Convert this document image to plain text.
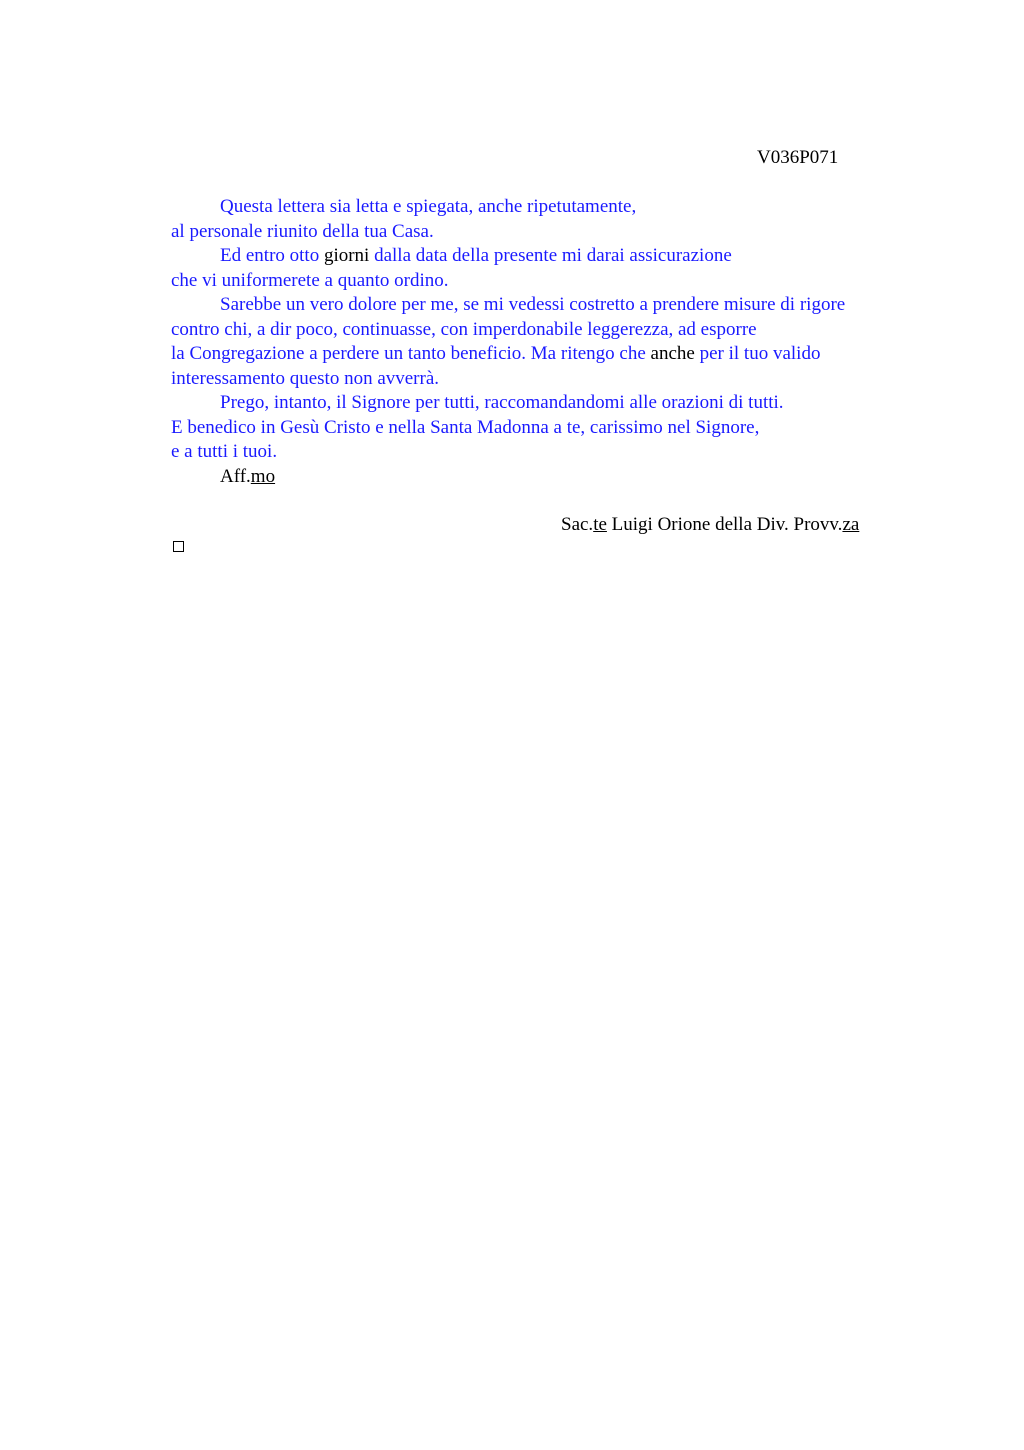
V036P071
Questa lettera sia letta e spiegata, anche ripetutamente,
al personale riunito della tua Casa.
Ed entro otto giorni dalla data della presente mi darai assicurazione
che vi uniformerete a quanto ordino.
Sarebbe un vero dolore per me, se mi vedessi costretto a prendere misure di rigore
contro chi, a dir poco, continuasse, con imperdonabile leggerezza, ad esporre
la Congregazione a perdere un tanto beneficio. Ma ritengo che anche per il tuo valido
interessamento questo non avverrà.
Prego, intanto, il Signore per tutti, raccomandandomi alle orazioni di tutti.
E benedico in Gesù Cristo e nella Santa Madonna a te, carissimo nel Signore,
e a tutti i tuoi.
Aff.mo
Sac.te Luigi Orione della Div. Provv.za
